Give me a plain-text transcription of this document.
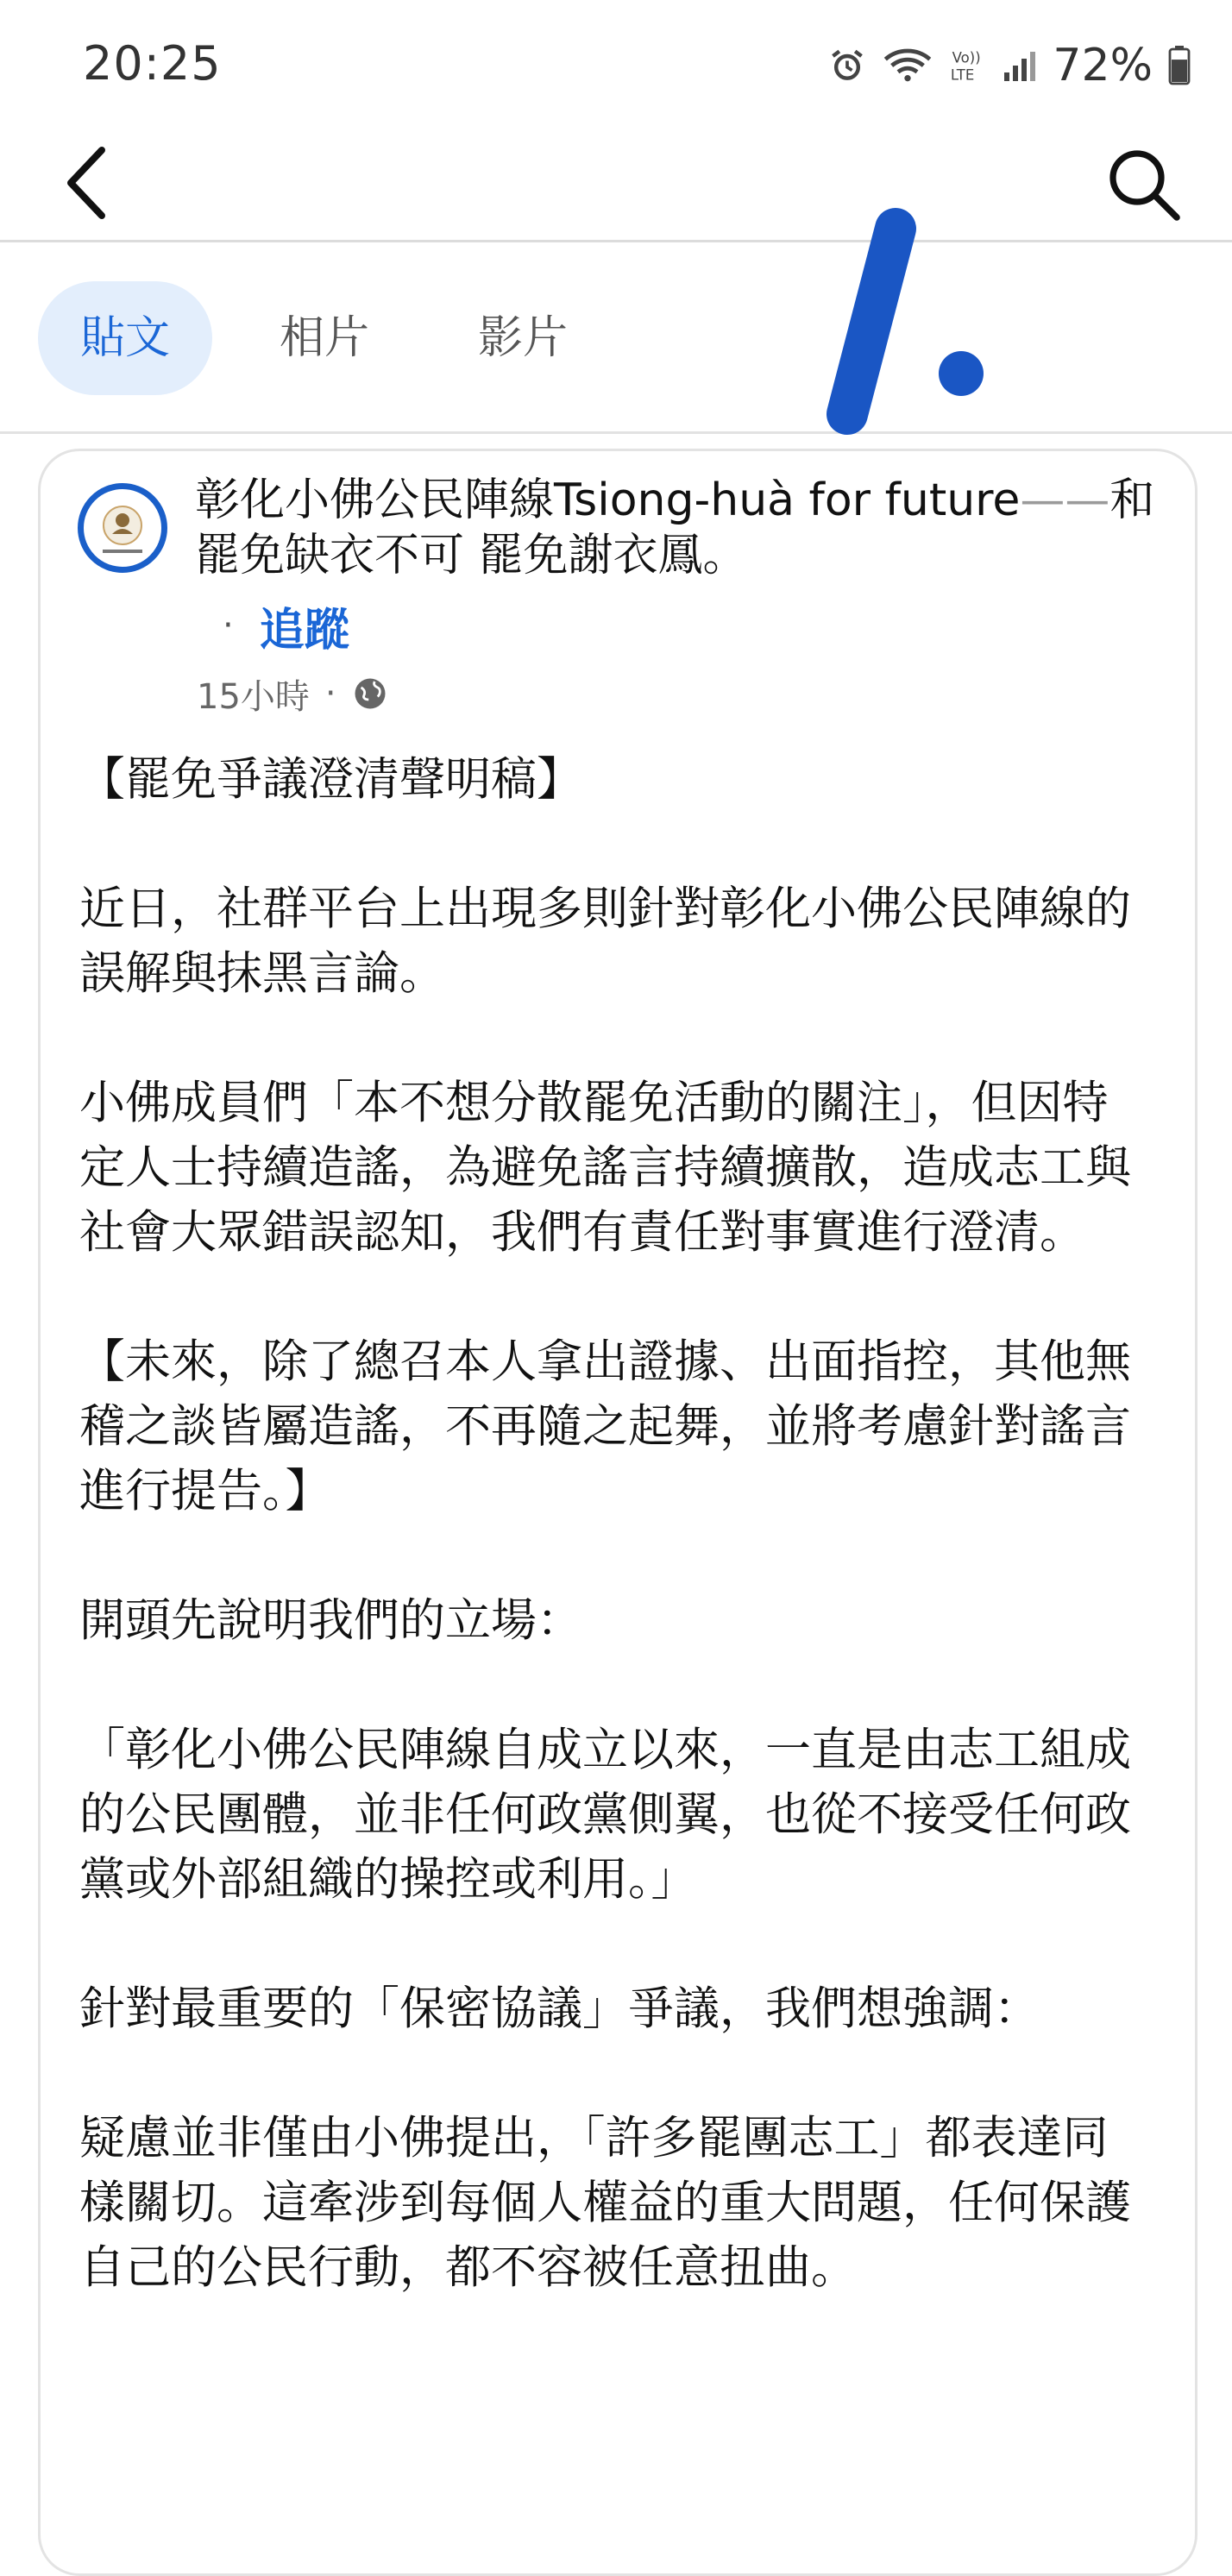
20:25	Vo))
LTE 72%
貼文	相片	影片
彰化小佛公民陣線Tsiong-huà for future——和罷免缺衣不可 罷免謝衣鳳。
· 追蹤
15小時 ·

【罷免爭議澄清聲明稿】

近日，社群平台上出現多則針對彰化小佛公民陣線的誤解與抹黑言論。

小佛成員們「本不想分散罷免活動的關注」，但因特定人士持續造謠，為避免謠言持續擴散，造成志工與社會大眾錯誤認知，我們有責任對事實進行澄清。

【未來，除了總召本人拿出證據、出面指控，其他無稽之談皆屬造謠，不再隨之起舞，並將考慮針對謠言進行提告。】

開頭先說明我們的立場：

「彰化小佛公民陣線自成立以來，一直是由志工組成的公民團體，並非任何政黨側翼，也從不接受任何政黨或外部組織的操控或利用。」

針對最重要的「保密協議」爭議，我們想強調：

疑慮並非僅由小佛提出，「許多罷團志工」都表達同樣關切。這牽涉到每個人權益的重大問題，任何保護自己的公民行動，都不容被任意扭曲。
